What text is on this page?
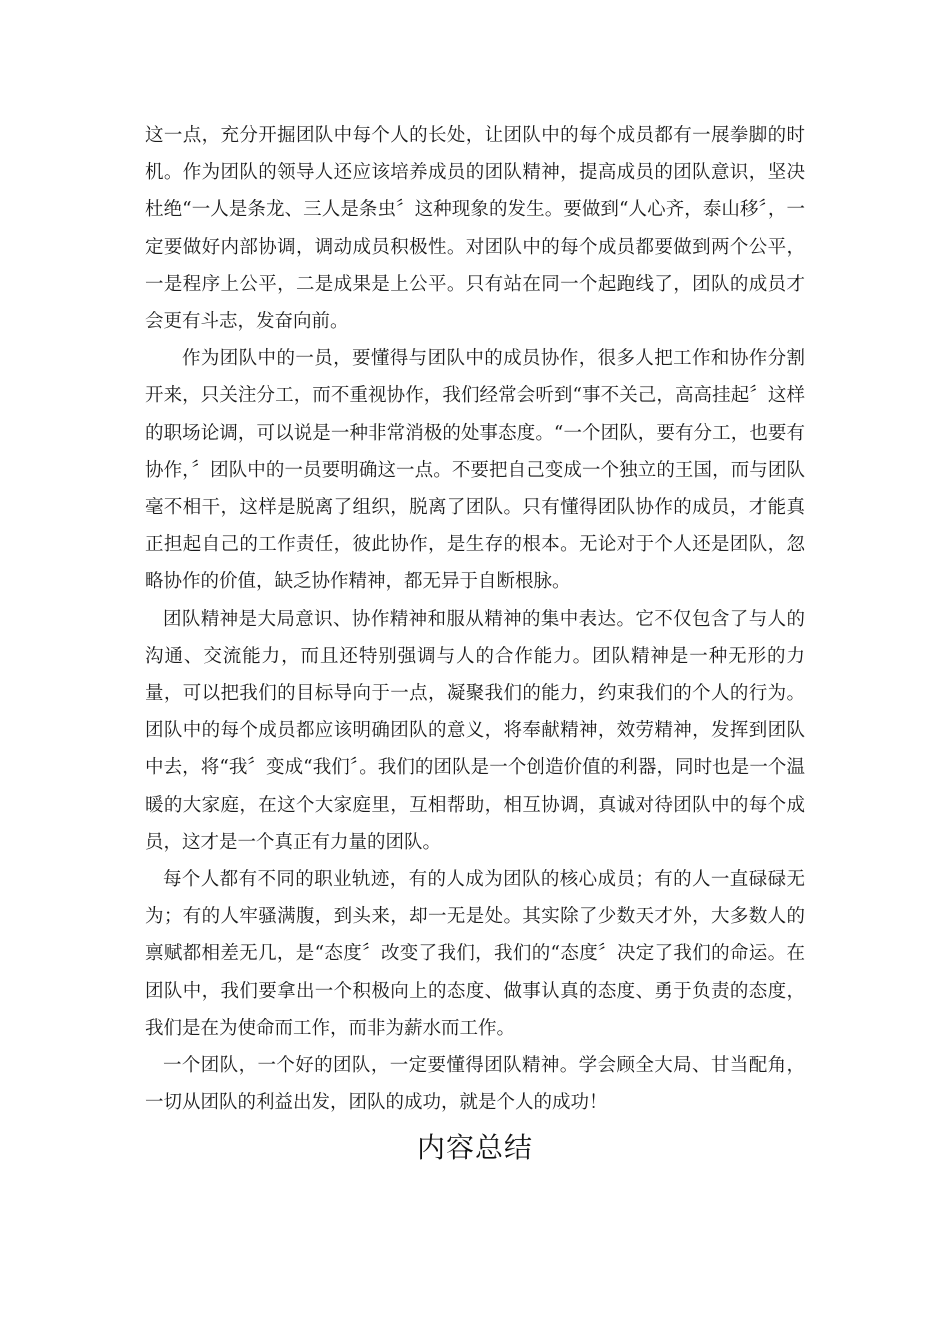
这一点，充分开掘团队中每个人的长处，让团队中的每个成员都有一展拳脚的时机。作为团队的领导人还应该培养成员的团队精神，提高成员的团队意识，坚决杜绝“一人是条龙、三人是条虫〞这种现象的发生。要做到“人心齐，泰山移〞，一定要做好内部协调，调动成员积极性。对团队中的每个成员都要做到两个公平，一是程序上公平，二是成果是上公平。只有站在同一个起跑线了，团队的成员才会更有斗志，发奋向前。

作为团队中的一员，要懂得与团队中的成员协作，很多人把工作和协作分割开来，只关注分工，而不重视协作，我们经常会听到“事不关己，高高挂起〞这样的职场论调，可以说是一种非常消极的处事态度。“一个团队，要有分工，也要有协作，〞团队中的一员要明确这一点。不要把自己变成一个独立的王国，而与团队毫不相干，这样是脱离了组织，脱离了团队。只有懂得团队协作的成员，才能真正担起自己的工作责任，彼此协作，是生存的根本。无论对于个人还是团队，忽略协作的价值，缺乏协作精神，都无异于自断根脉。

团队精神是大局意识、协作精神和服从精神的集中表达。它不仅包含了与人的沟通、交流能力，而且还特别强调与人的合作能力。团队精神是一种无形的力量，可以把我们的目标导向于一点，凝聚我们的能力，约束我们的个人的行为。团队中的每个成员都应该明确团队的意义，将奉献精神，效劳精神，发挥到团队中去，将“我〞变成“我们〞。我们的团队是一个创造价值的利器，同时也是一个温暖的大家庭，在这个大家庭里，互相帮助，相互协调，真诚对待团队中的每个成员，这才是一个真正有力量的团队。

每个人都有不同的职业轨迹，有的人成为团队的核心成员；有的人一直碌碌无为；有的人牢骚满腹，到头来，却一无是处。其实除了少数天才外，大多数人的禀赋都相差无几，是“态度〞改变了我们，我们的“态度〞决定了我们的命运。在团队中，我们要拿出一个积极向上的态度、做事认真的态度、勇于负责的态度，我们是在为使命而工作，而非为薪水而工作。

一个团队，一个好的团队，一定要懂得团队精神。学会顾全大局、甘当配角，一切从团队的利益出发，团队的成功，就是个人的成功！

内容总结
